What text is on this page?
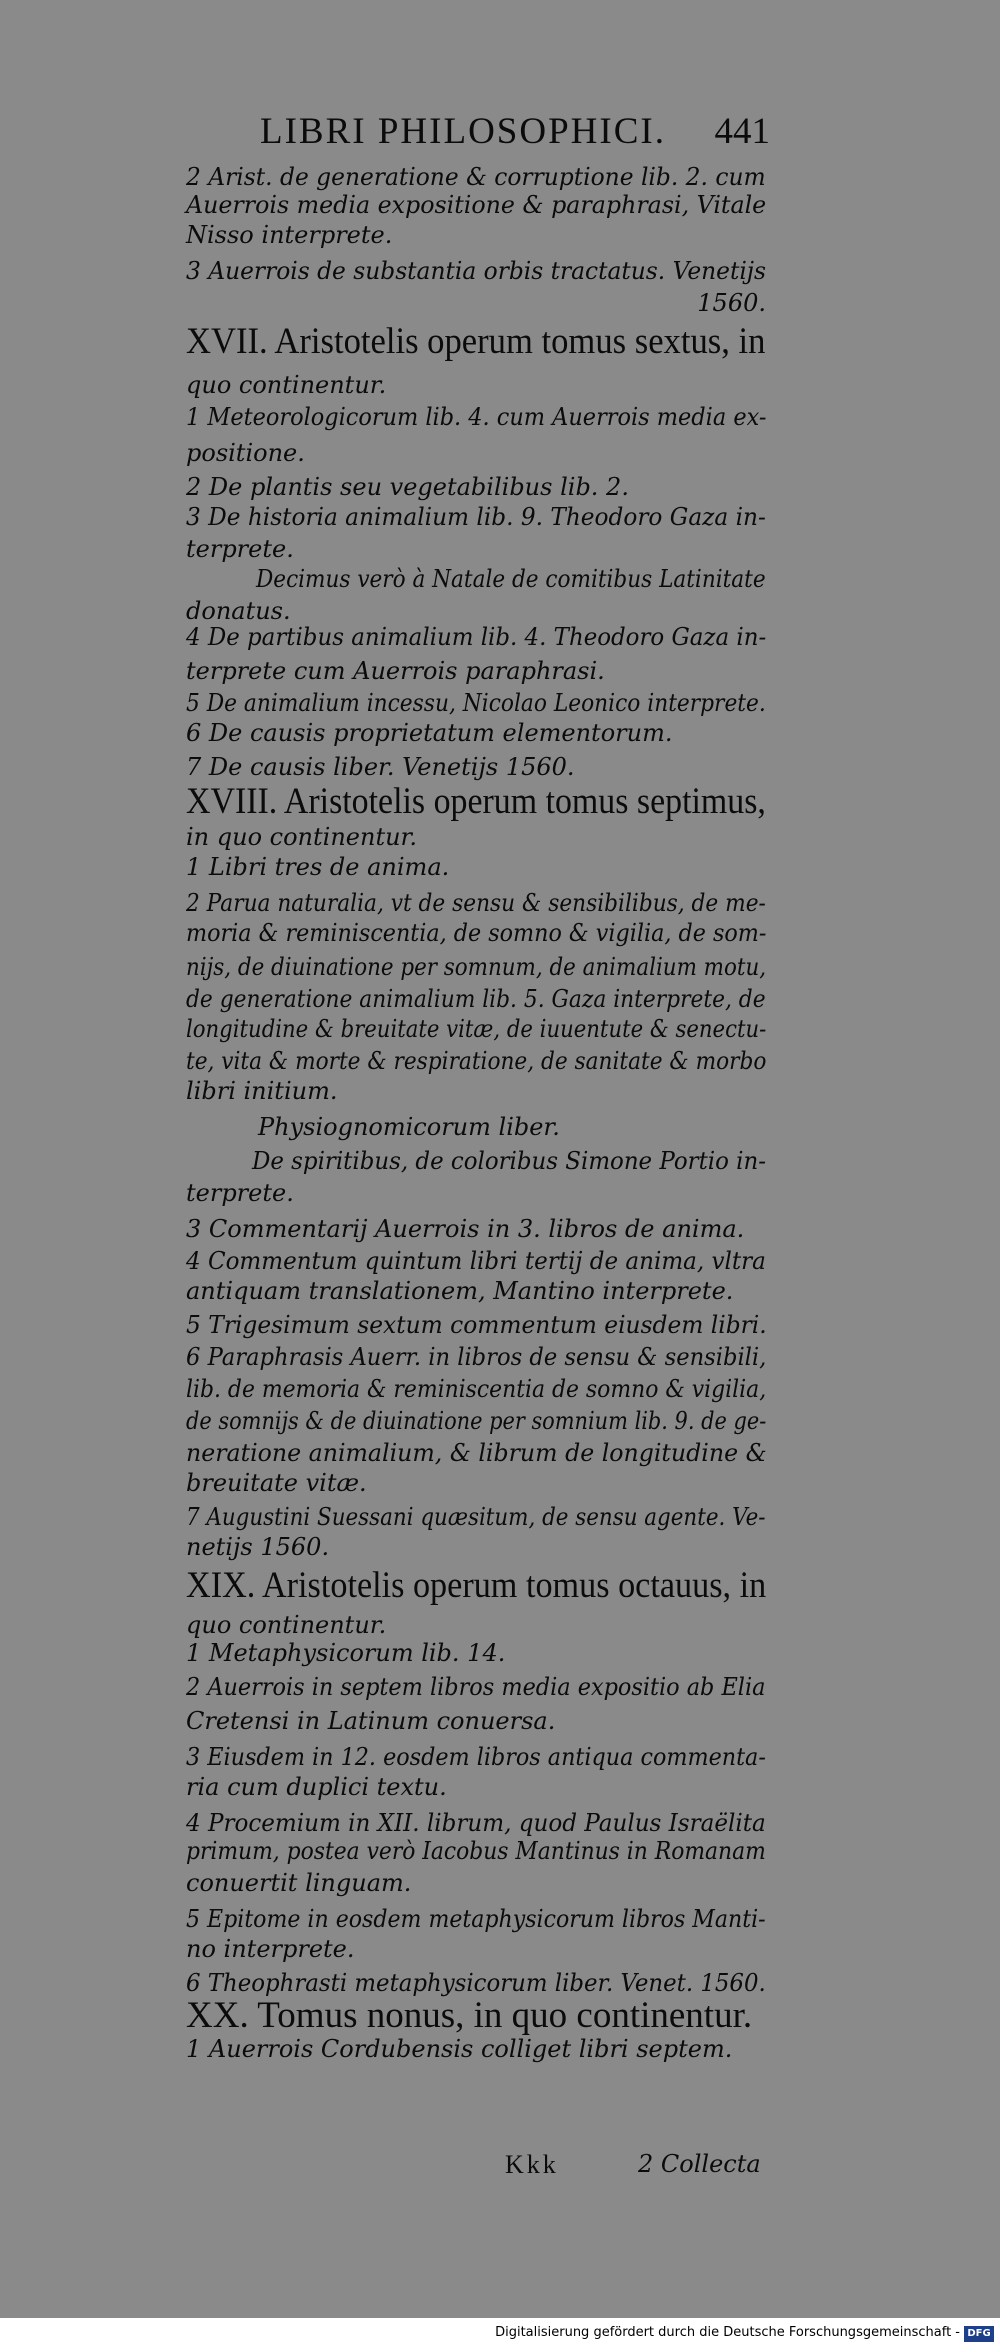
LIBRI PHILOSOPHICI. 441
2 Arist. de generatione & corruptione lib. 2. cum
Auerrois media expositione & paraphrasi, Vitale
Nisso interprete.
3 Auerrois de substantia orbis tractatus. Venetijs
1560.
XVII. Aristotelis operum tomus sextus, in
quo continentur.
1 Meteorologicorum lib. 4. cum Auerrois media ex-
positione.
2 De plantis seu vegetabilibus lib. 2.
3 De historia animalium lib. 9. Theodoro Gaza in-
terprete.
Decimus verò à Natale de comitibus Latinitate
donatus.
4 De partibus animalium lib. 4. Theodoro Gaza in-
terprete cum Auerrois paraphrasi.
5 De animalium incessu, Nicolao Leonico interprete.
6 De causis proprietatum elementorum.
7 De causis liber. Venetijs 1560.
XVIII. Aristotelis operum tomus septimus,
in quo continentur.
1 Libri tres de anima.
2 Parua naturalia, vt de sensu & sensibilibus, de me-
moria & reminiscentia, de somno & vigilia, de som-
nijs, de diuinatione per somnum, de animalium motu,
de generatione animalium lib. 5. Gaza interprete, de
longitudine & breuitate vitæ, de iuuentute & senectu-
te, vita & morte & respiratione, de sanitate & morbo
libri initium.
Physiognomicorum liber.
De spiritibus, de coloribus Simone Portio in-
terprete.
3 Commentarij Auerrois in 3. libros de anima.
4 Commentum quintum libri tertij de anima, vltra
antiquam translationem, Mantino interprete.
5 Trigesimum sextum commentum eiusdem libri.
6 Paraphrasis Auerr. in libros de sensu & sensibili,
lib. de memoria & reminiscentia de somno & vigilia,
de somnijs & de diuinatione per somnium lib. 9. de ge-
neratione animalium, & librum de longitudine &
breuitate vitæ.
7 Augustini Suessani quæsitum, de sensu agente. Ve-
netijs 1560.
XIX. Aristotelis operum tomus octauus, in
quo continentur.
1 Metaphysicorum lib. 14.
2 Auerrois in septem libros media expositio ab Elia
Cretensi in Latinum conuersa.
3 Eiusdem in 12. eosdem libros antiqua commenta-
ria cum duplici textu.
4 Procemium in XII. librum, quod Paulus Israëlita
primum, postea verò Iacobus Mantinus in Romanam
conuertit linguam.
5 Epitome in eosdem metaphysicorum libros Manti-
no interprete.
6 Theophrasti metaphysicorum liber. Venet. 1560.
XX. Tomus nonus, in quo continentur.
1 Auerrois Cordubensis colliget libri septem.
Kkk	2 Collecta
Digitalisierung gefördert durch die Deutsche Forschungsgemeinschaft - DFG
